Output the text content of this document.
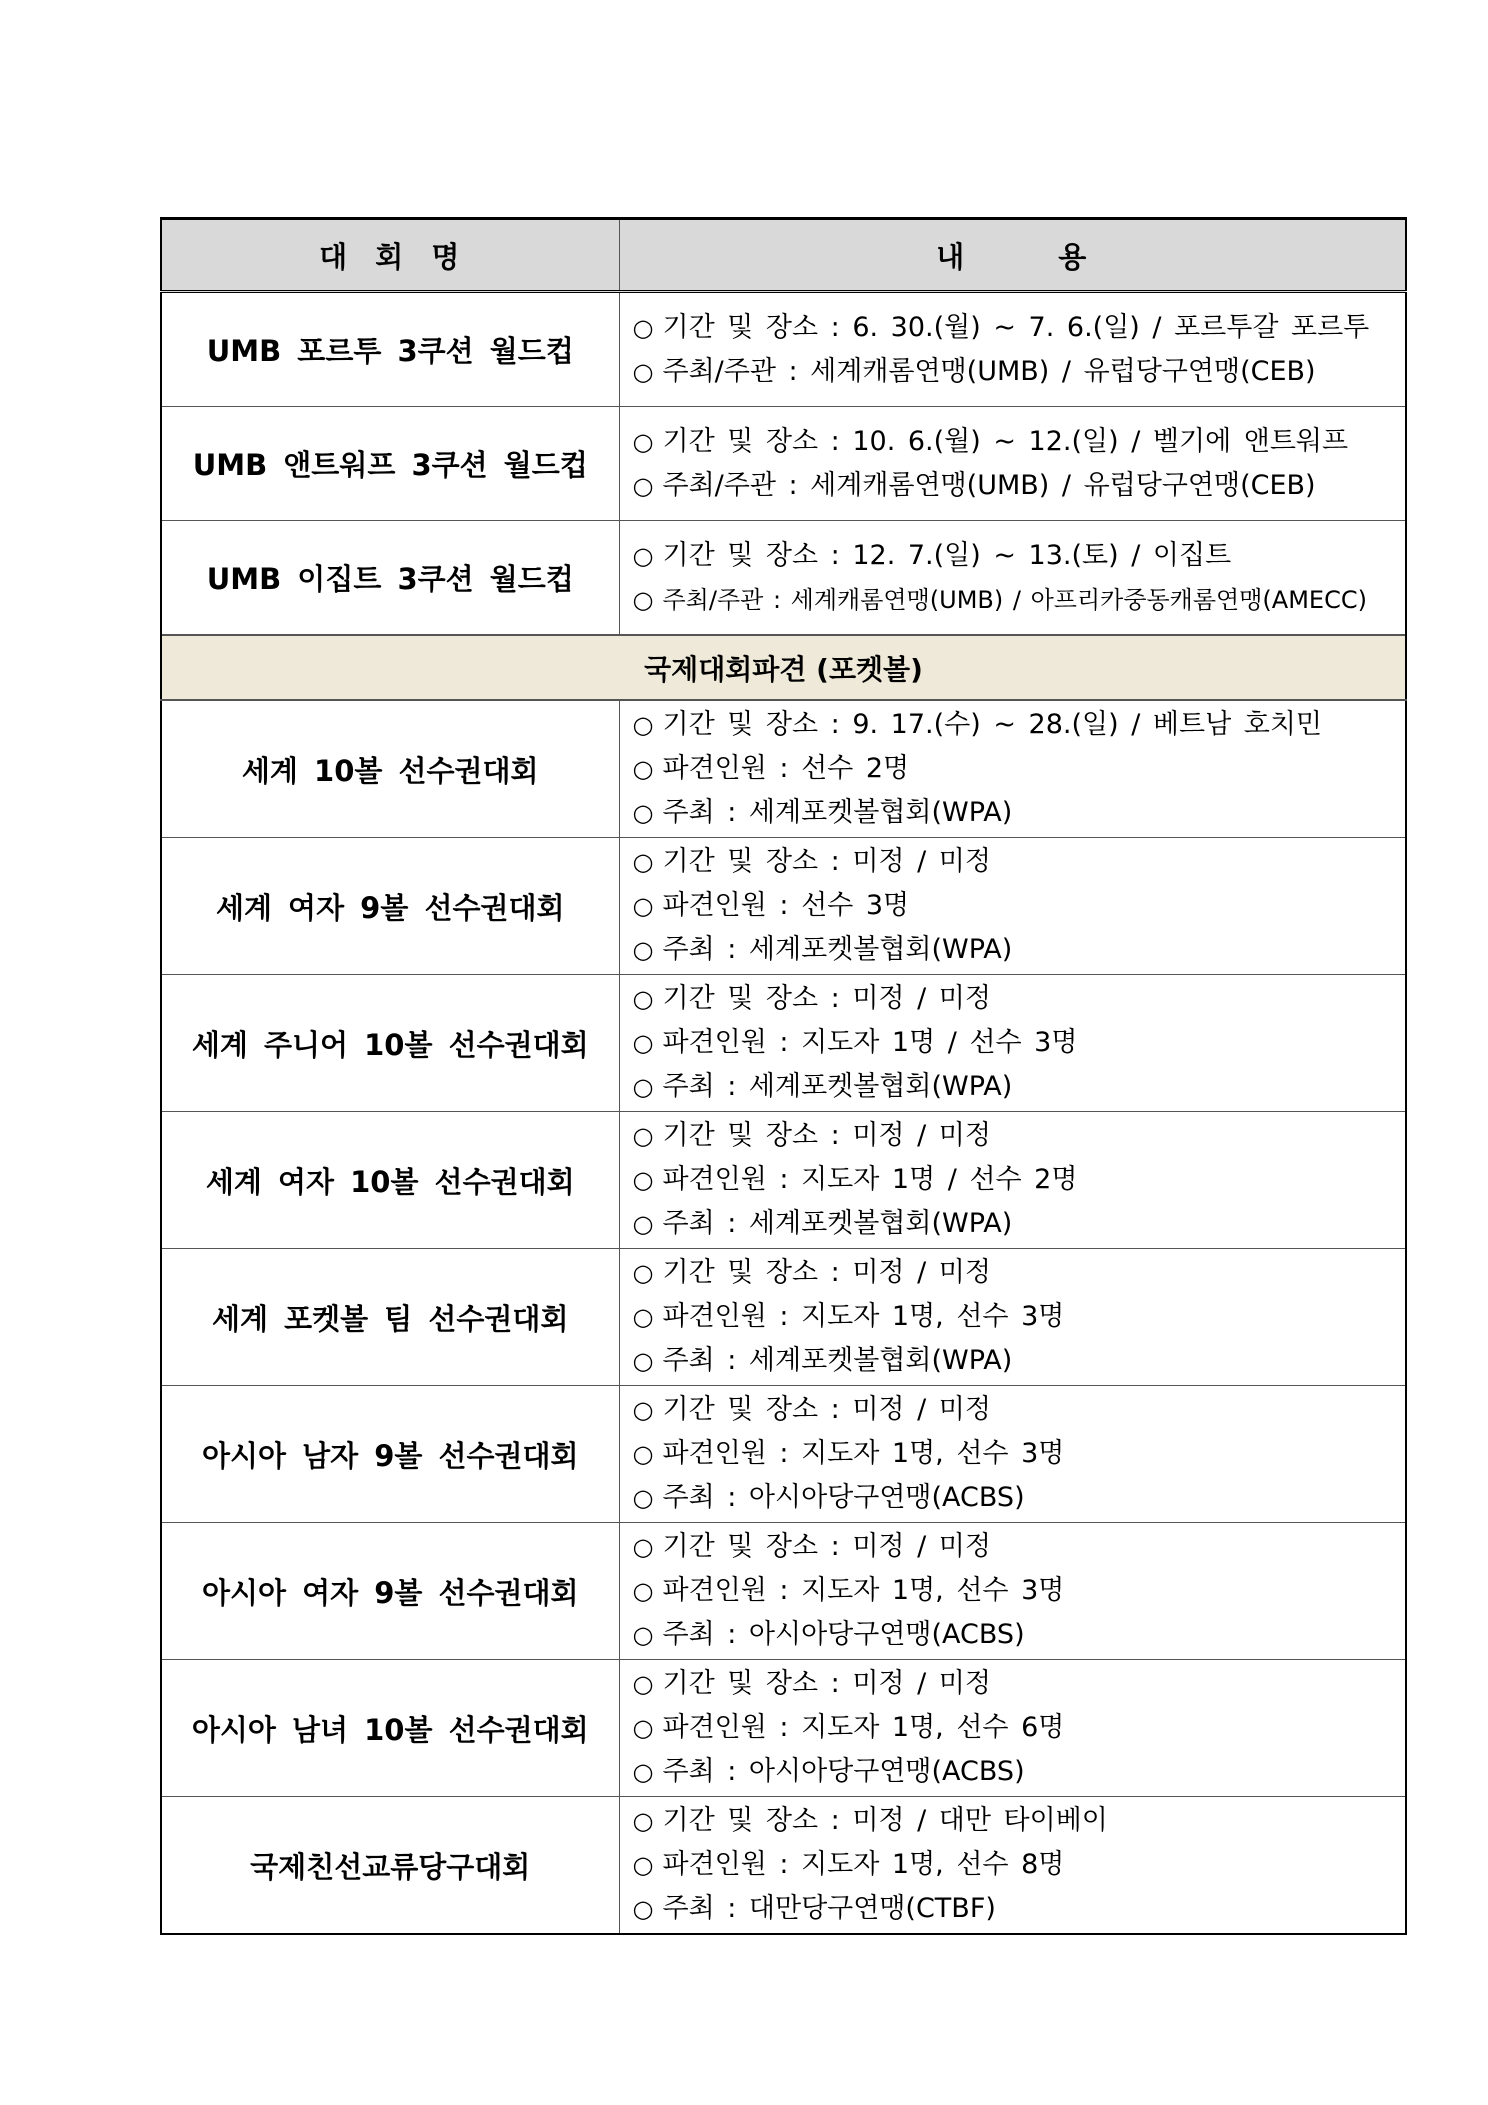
대 회 명	내 용
UMB 포르투 3쿠션 월드컵	○ 기간 및 장소 : 6. 30.(월) ~ 7. 6.(일) / 포르투갈 포르투
○ 주최/주관 : 세계캐롬연맹(UMB) / 유럽당구연맹(CEB)

UMB 앤트워프 3쿠션 월드컵	○ 기간 및 장소 : 10. 6.(월) ~ 12.(일) / 벨기에 앤트워프
○ 주최/주관 : 세계캐롬연맹(UMB) / 유럽당구연맹(CEB)

UMB 이집트 3쿠션 월드컵	○ 기간 및 장소 : 12. 7.(일) ~ 13.(토) / 이집트
○ 주최/주관 : 세계캐롬연맹(UMB) / 아프리카중동캐롬연맹(AMECC)

국제대회파견 (포켓볼)	
세계 10볼 선수권대회	○ 기간 및 장소 : 9. 17.(수) ~ 28.(일) / 베트남 호치민
○ 파견인원 : 선수 2명
○ 주최 : 세계포켓볼협회(WPA)

세계 여자 9볼 선수권대회	○ 기간 및 장소 : 미정 / 미정
○ 파견인원 : 선수 3명
○ 주최 : 세계포켓볼협회(WPA)

세계 주니어 10볼 선수권대회	○ 기간 및 장소 : 미정 / 미정
○ 파견인원 : 지도자 1명 / 선수 3명
○ 주최 : 세계포켓볼협회(WPA)

세계 여자 10볼 선수권대회	○ 기간 및 장소 : 미정 / 미정
○ 파견인원 : 지도자 1명 / 선수 2명
○ 주최 : 세계포켓볼협회(WPA)

세계 포켓볼 팀 선수권대회	○ 기간 및 장소 : 미정 / 미정
○ 파견인원 : 지도자 1명, 선수 3명
○ 주최 : 세계포켓볼협회(WPA)

아시아 남자 9볼 선수권대회	○ 기간 및 장소 : 미정 / 미정
○ 파견인원 : 지도자 1명, 선수 3명
○ 주최 : 아시아당구연맹(ACBS)

아시아 여자 9볼 선수권대회	○ 기간 및 장소 : 미정 / 미정
○ 파견인원 : 지도자 1명, 선수 3명
○ 주최 : 아시아당구연맹(ACBS)

아시아 남녀 10볼 선수권대회	○ 기간 및 장소 : 미정 / 미정
○ 파견인원 : 지도자 1명, 선수 6명
○ 주최 : 아시아당구연맹(ACBS)

국제친선교류당구대회	○ 기간 및 장소 : 미정 / 대만 타이베이
○ 파견인원 : 지도자 1명, 선수 8명
○ 주최 : 대만당구연맹(CTBF)
